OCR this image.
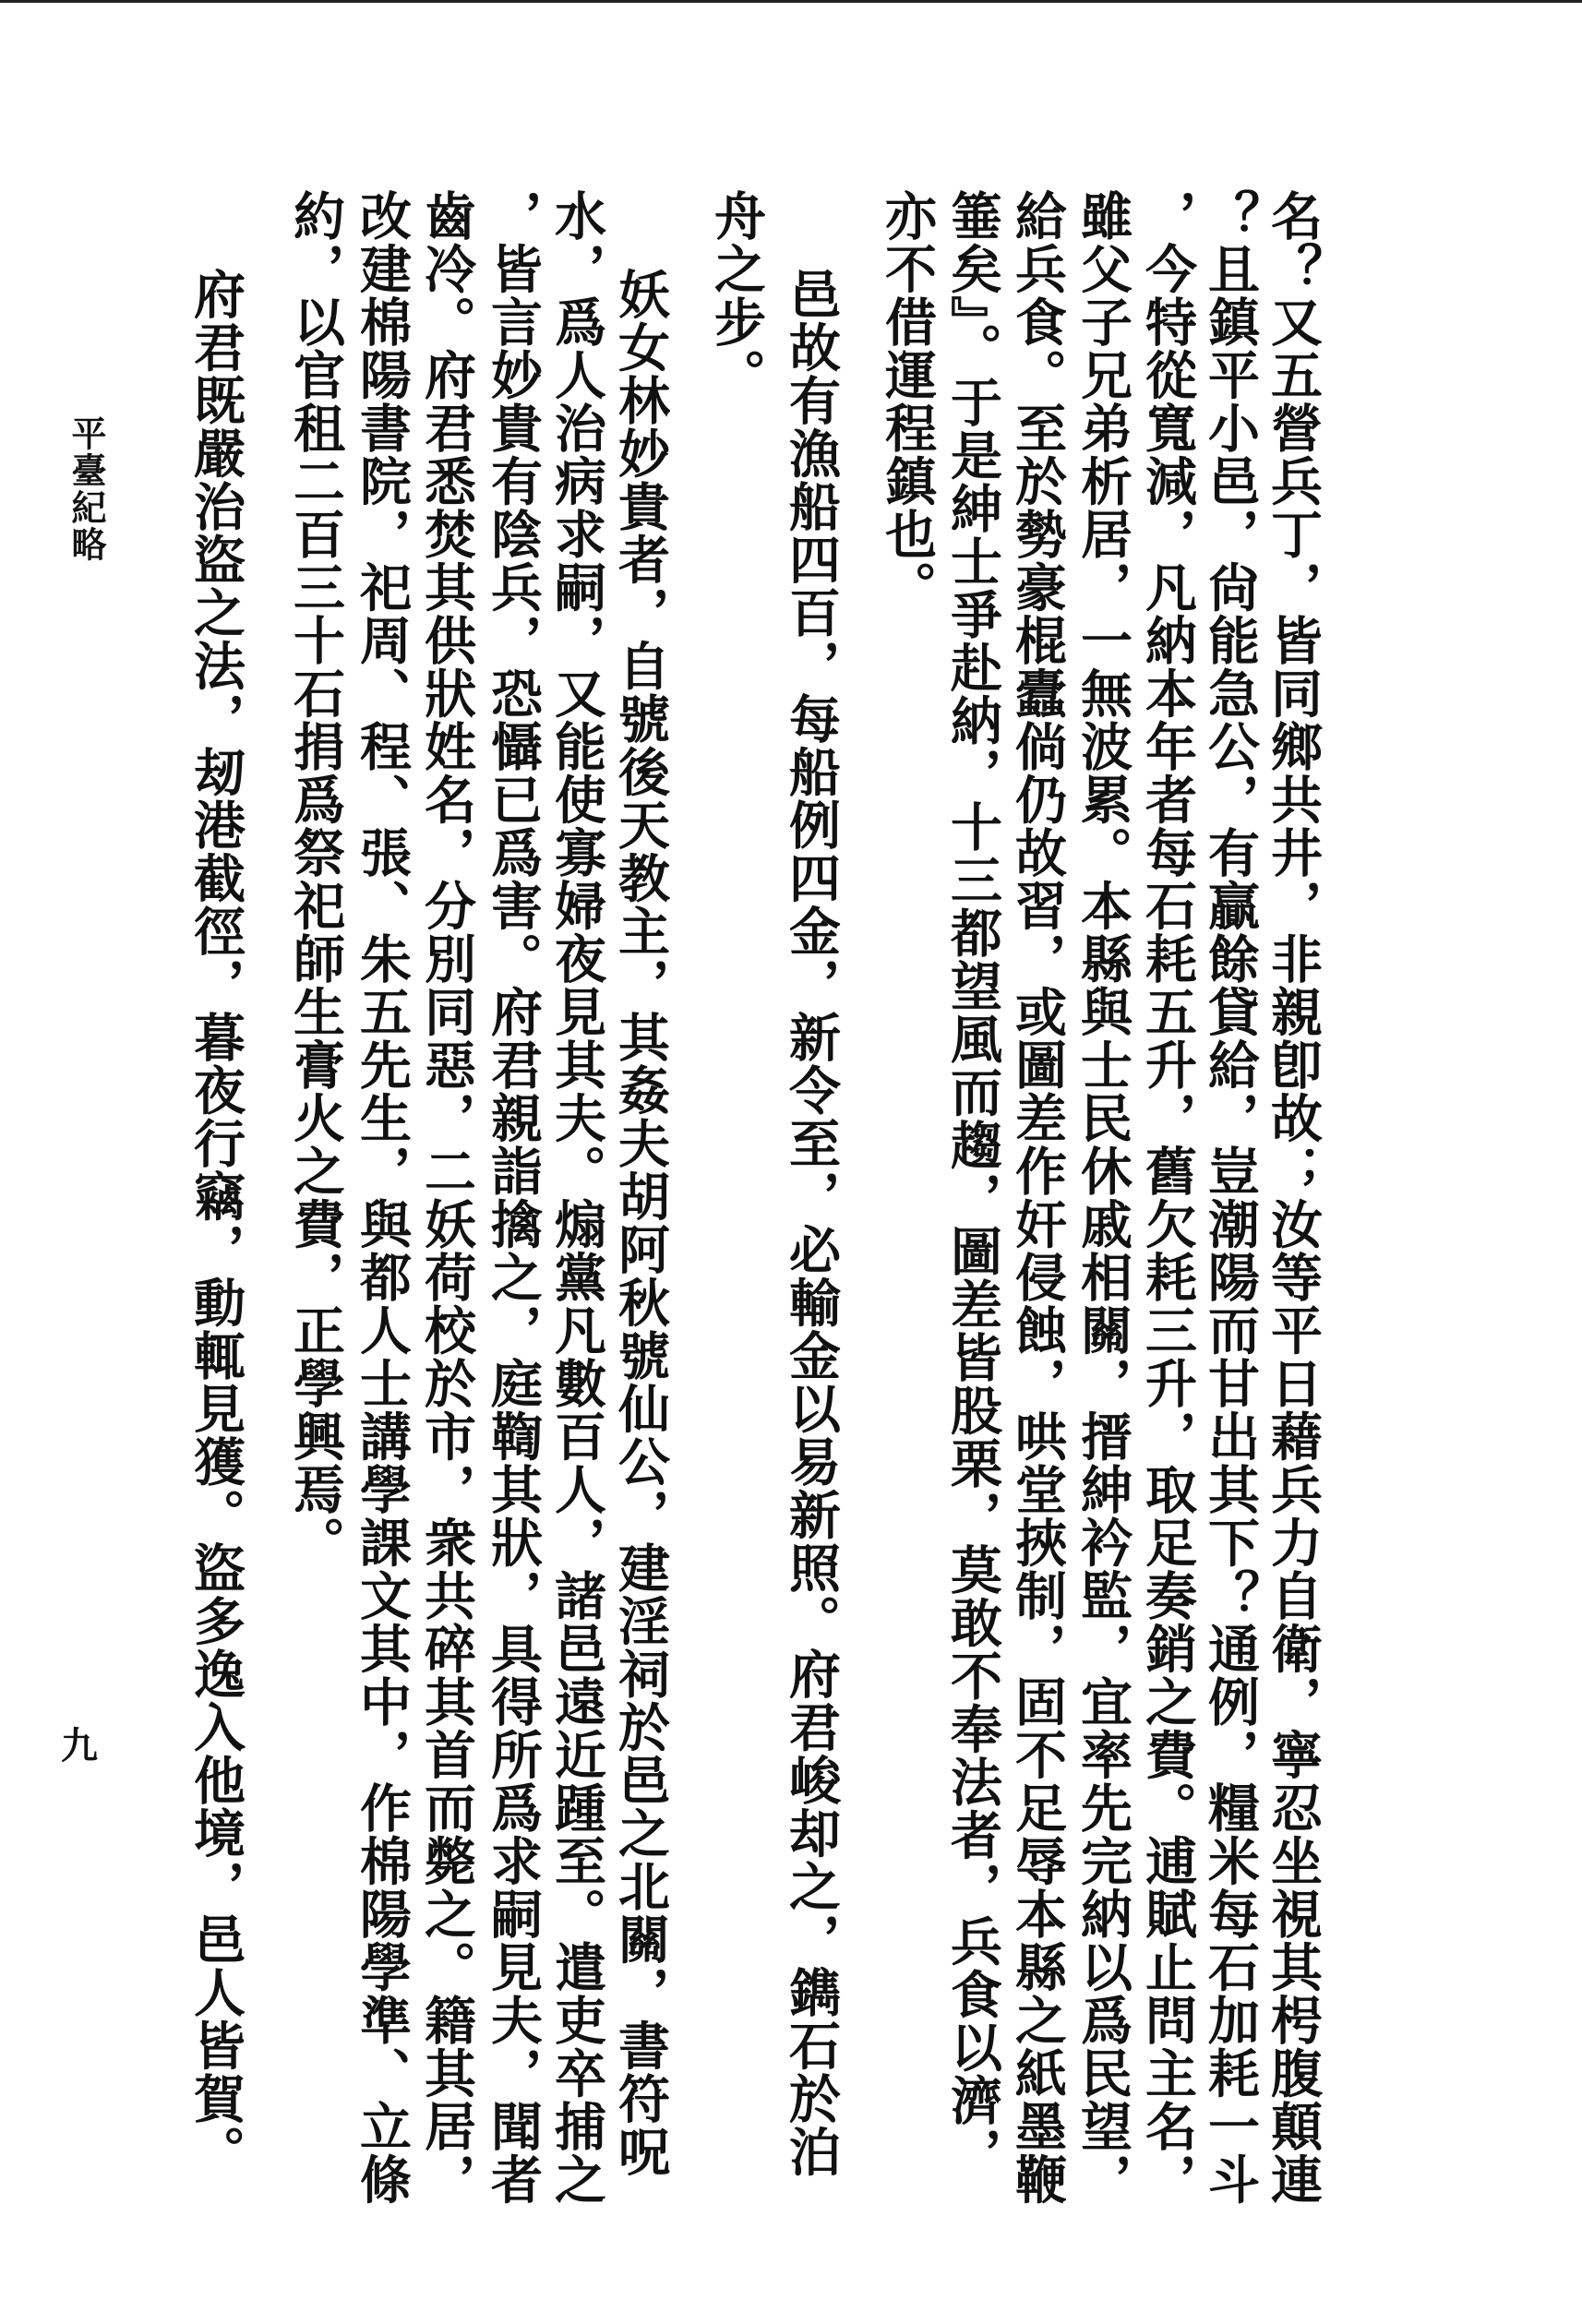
名？又五營兵丁，皆同鄉共井，非親卽故；汝等平日藉兵力自衛，寧忍坐視其枵腹顛連
？且鎮平小邑，尙能急公，有贏餘貸給，豈潮陽而甘出其下？通例，糧米每石加耗一斗
，今特從寬減，凡納本年者每石耗五升，舊欠耗三升，取足奏銷之費。逋賦止問主名，
雖父子兄弟析居，一無波累。本縣與士民休戚相關，搢紳衿監，宜率先完納以爲民望，
給兵食。至於勢豪棍蠹倘仍故習，或圖差作奸侵蝕，哄堂挾制，固不足辱本縣之紙墨鞭
箠矣』。于是紳士爭赴納，十三都望風而趨，圖差皆股栗，莫敢不奉法者，兵食以濟，
亦不借運程鎮也。
邑故有漁船四百，每船例四金，新令至，必輸金以易新照。府君峻却之，鐫石於泊
舟之步。
妖女林妙貴者，自號後天教主，其姦夫胡阿秋號仙公，建淫祠於邑之北關，書符呪
水，爲人治病求嗣，又能使寡婦夜見其夫。煽黨凡數百人，諸邑遠近踵至。遣吏卒捕之
，皆言妙貴有陰兵，恐懾已爲害。府君親詣擒之，庭鞫其狀，具得所爲求嗣見夫，聞者
齒冷。府君悉焚其供狀姓名，分別同惡，二妖荷校於市，衆共碎其首而斃之。籍其居，
改建棉陽書院，祀周、程、張、朱五先生，與都人士講學課文其中，作棉陽學準、立條
約，以官租二百三十石捐爲祭祀師生膏火之費，正學興焉。
府君既嚴治盜之法，刼港截徑，暮夜行竊，動輒見獲。盜多逸入他境，邑人皆賀。
平臺紀略
九
